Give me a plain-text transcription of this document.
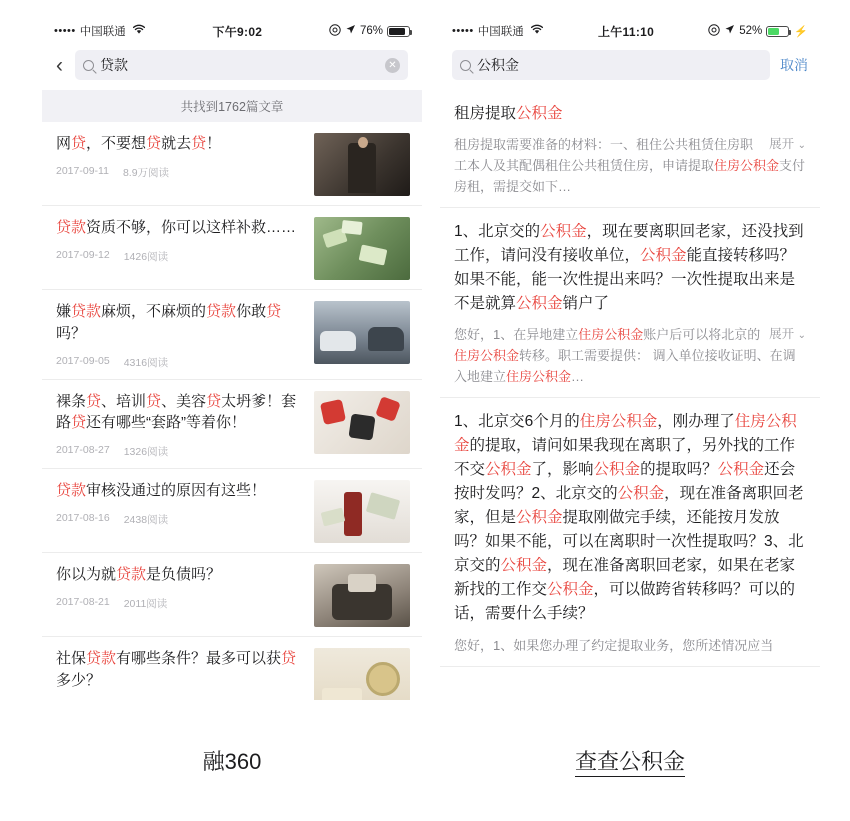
••••• 中国联通	下午9:02	76%
‹	贷款	✕
共找到1762篇文章
网贷，不要想贷就去贷！
2017-09-11 8.9万阅读
贷款资质不够，你可以这样补救……
2017-09-12 1426阅读
嫌贷款麻烦，不麻烦的贷款你敢贷吗？
2017-09-05 4316阅读
裸条贷、培训贷、美容贷太坍爹！套路贷还有哪些“套路”等着你！
2017-08-27 1326阅读
贷款审核没通过的原因有这些！
2017-08-16 2438阅读
你以为就贷款是负债吗？
2017-08-21 2011阅读
社保贷款有哪些条件？最多可以获贷多少？
••••• 中国联通	上午11:10	52%	⚡
公积金	取消
租房提取公积金
展开 ⌄
租房提取需要准备的材料：一、租住公共租赁住房职工本人及其配偶租住公共租赁住房，申请提取住房公积金支付房租，需提交如下…
1、北京交的公积金，现在要离职回老家，还没找到工作，请问没有接收单位，公积金能直接转移吗？如果不能，能一次性提出来吗？一次性提取出来是不是就算公积金销户了
展开 ⌄
您好，1、在异地建立住房公积金账户后可以将北京的住房公积金转移。职工需要提供： 调入单位接收证明、在调入地建立住房公积金…
1、北京交6个月的住房公积金，刚办理了住房公积金的提取，请问如果我现在离职了，另外找的工作不交公积金了，影响公积金的提取吗？公积金还会按时发吗？2、北京交的公积金，现在准备离职回老家，但是公积金提取刚做完手续，还能按月发放吗？如果不能，可以在离职时一次性提取吗？3、北京交的公积金，现在准备离职回老家，如果在老家新找的工作交公积金，可以做跨省转移吗？可以的话，需要什么手续？
您好，1、如果您办理了约定提取业务，您所述情况应当
融360	查查公积金
